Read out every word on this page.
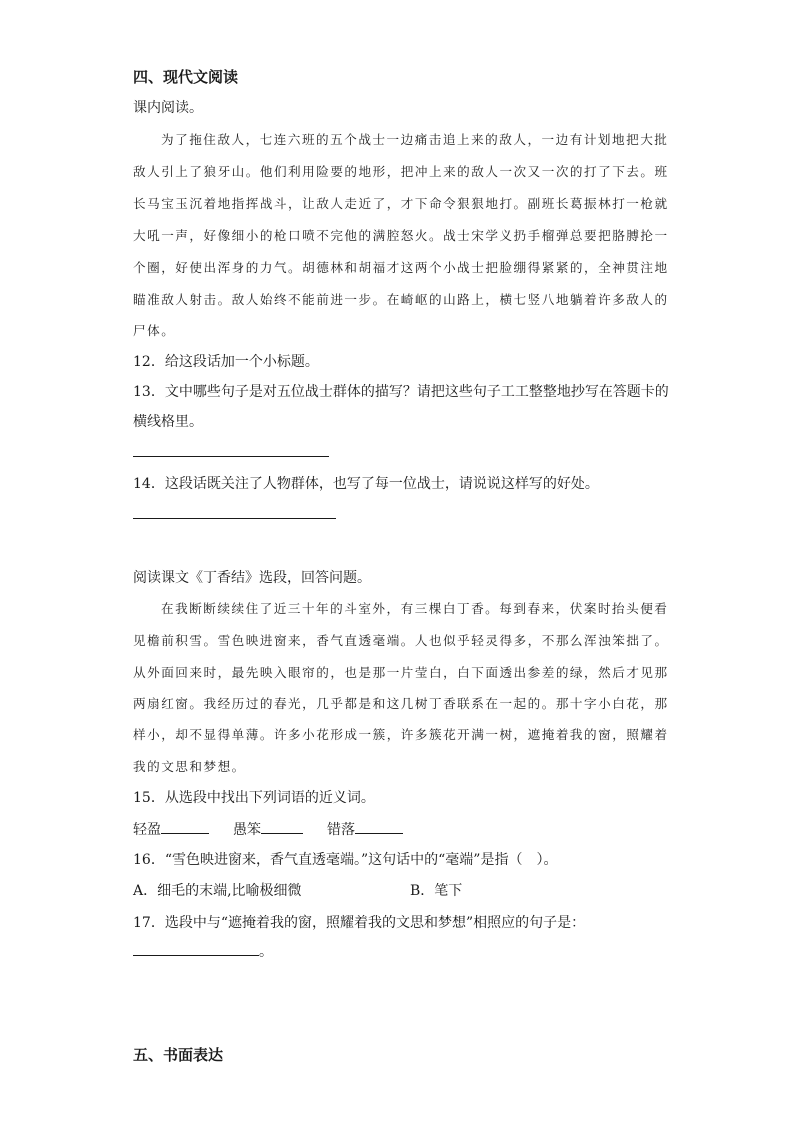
四、现代文阅读
课内阅读。
为了拖住敌人，七连六班的五个战士一边痛击追上来的敌人，一边有计划地把大批
敌人引上了狼牙山。他们利用险要的地形，把冲上来的敌人一次又一次的打了下去。班
长马宝玉沉着地指挥战斗，让敌人走近了，才下命令狠狠地打。副班长葛振林打一枪就
大吼一声，好像细小的枪口喷不完他的满腔怒火。战士宋学义扔手榴弹总要把胳膊抡一
个圈，好使出浑身的力气。胡德林和胡福才这两个小战士把脸绷得紧紧的，全神贯注地
瞄准敌人射击。敌人始终不能前进一步。在崎岖的山路上，横七竖八地躺着许多敌人的
尸体。
12．给这段话加一个小标题。
13．文中哪些句子是对五位战士群体的描写？请把这些句子工工整整地抄写在答题卡的
横线格里。
14．这段话既关注了人物群体，也写了每一位战士，请说说这样写的好处。
阅读课文《丁香结》选段，回答问题。
在我断断续续住了近三十年的斗室外，有三棵白丁香。每到春来，伏案时抬头便看
见檐前积雪。雪色映进窗来，香气直透毫端。人也似乎轻灵得多，不那么浑浊笨拙了。
从外面回来时，最先映入眼帘的，也是那一片莹白，白下面透出参差的绿，然后才见那
两扇红窗。我经历过的春光，几乎都是和这几树丁香联系在一起的。那十字小白花，那
样小，却不显得单薄。许多小花形成一簇，许多簇花开满一树，遮掩着我的窗，照耀着
我的文思和梦想。
15．从选段中找出下列词语的近义词。
轻盈	愚笨	错落
16．“雪色映进窗来，香气直透毫端。”这句话中的“毫端”是指（　）。
A．细毛的末端,比喻极细微	B．笔下
17．选段中与“遮掩着我的窗，照耀着我的文思和梦想”相照应的句子是：
。
五、书面表达
